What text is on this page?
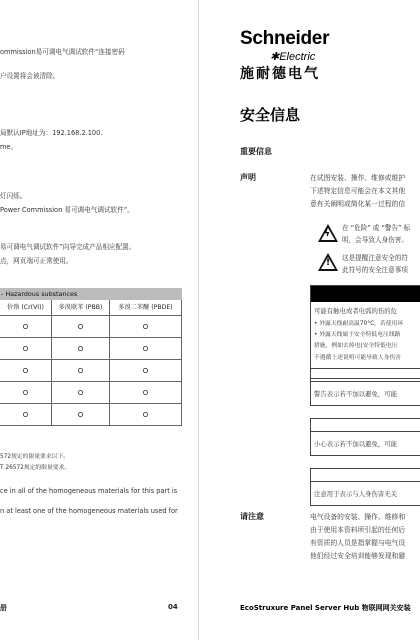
ommission易可调电气调试软件“连接密码
户设置将会被清除。
局默认IP地址为：192.168.2.100.
me。
灯闪烁。
Power Commission 易可调电气调试软件”。
易可调电气调试软件”向导完成产品相应配置。
点，网页端可正常使用。
- Hazardous substances
价铬 (Cr(VI))	多溴联苯 (PBB)	多溴二苯醚 (PBDE)
O	O	O
O	O	O
O	O	O
O	O	O
O	O	O
572规定的限量要求以下。
T 26572规定的限量要求。
ce in all of the homogeneous materials for this part is
n at least one of the homogeneous materials used for
册	04
Schneider
✱Electric
施耐德电气
安全信息
重要信息
声明	在试图安装、操作、维修或维护
下述特定信息可能会在本文其他
意有关阐明或简化某一过程的信
ϟ
在 “危险” 或 “警告” 标
明，会导致人身伤害。
! 这是提醒注意安全的符
此符号的安全注意事项
可能有触电或者电弧的伤的危
• 外露天线耐高温70°C，若使用环
• 外露天线属于安全特低电压线路
措施，例如去掉电(安全特低电压
不遵循上述说明可能导致人身伤害
警告表示若不加以避免，可能
小心表示若不加以避免，可能
注意用于表示与人身伤害无关
请注意	电气设备的安装、操作、维修和
由于使用本资料所引起的任何后
有资质的人员是指掌握与电气设
他们经过安全培训能够发现和避
EcoStruxure Panel Server Hub 物联网网关安装
